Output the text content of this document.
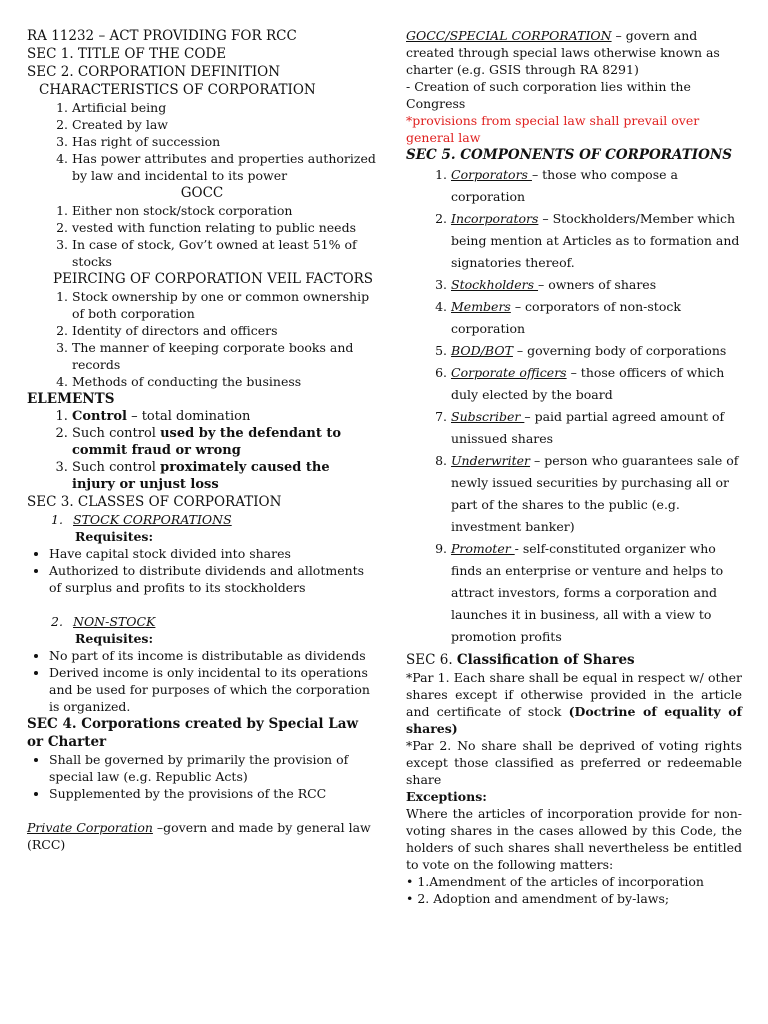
RA 11232 – ACT PROVIDING FOR RCC
SEC 1. TITLE OF THE CODE
SEC 2. CORPORATION DEFINITION
CHARACTERISTICS OF CORPORATION
1. Artificial being
2. Created by law
3. Has right of succession
4. Has power attributes and properties authorized by law and incidental to its power
GOCC
1. Either non stock/stock corporation
2. vested with function relating to public needs
3. In case of stock, Gov’t owned at least 51% of stocks
PEIRCING OF CORPORATION VEIL FACTORS
1. Stock ownership by one or common ownership of both corporation
2. Identity of directors and officers
3. The manner of keeping corporate books and records
4. Methods of conducting the business
ELEMENTS
1. Control – total domination
2. Such control used by the defendant to commit fraud or wrong
3. Such control proximately caused the injury or unjust loss
SEC 3. CLASSES OF CORPORATION
1. STOCK CORPORATIONS
Requisites:
• Have capital stock divided into shares
• Authorized to distribute dividends and allotments of surplus and profits to its stockholders
2. NON-STOCK
Requisites:
• No part of its income is distributable as dividends
• Derived income is only incidental to its operations and be used for purposes of which the corporation is organized.
SEC 4. Corporations created by Special Law or Charter
• Shall be governed by primarily the provision of special law (e.g. Republic Acts)
• Supplemented by the provisions of the RCC
Private Corporation –govern and made by general law (RCC)
GOCC/SPECIAL CORPORATION – govern and created through special laws otherwise known as charter (e.g. GSIS through RA 8291)
- Creation of such corporation lies within the Congress
*provisions from special law shall prevail over general law
SEC 5. COMPONENTS OF CORPORATIONS
1. Corporators – those who compose a corporation
2. Incorporators – Stockholders/Member which being mention at Articles as to formation and signatories thereof.
3. Stockholders – owners of shares
4. Members – corporators of non-stock corporation
5. BOD/BOT – governing body of corporations
6. Corporate officers – those officers of which duly elected by the board
7. Subscriber – paid partial agreed amount of unissued shares
8. Underwriter – person who guarantees sale of newly issued securities by purchasing all or part of the shares to the public (e.g. investment banker)
9. Promoter - self-constituted organizer who finds an enterprise or venture and helps to attract investors, forms a corporation and launches it in business, all with a view to promotion profits
SEC 6. Classification of Shares
*Par 1. Each share shall be equal in respect w/ other shares except if otherwise provided in the article and certificate of stock (Doctrine of equality of shares)
*Par 2. No share shall be deprived of voting rights except those classified as preferred or redeemable share
Exceptions:
Where the articles of incorporation provide for non-voting shares in the cases allowed by this Code, the holders of such shares shall nevertheless be entitled to vote on the following matters:
• 1.Amendment of the articles of incorporation
• 2. Adoption and amendment of by-laws;
